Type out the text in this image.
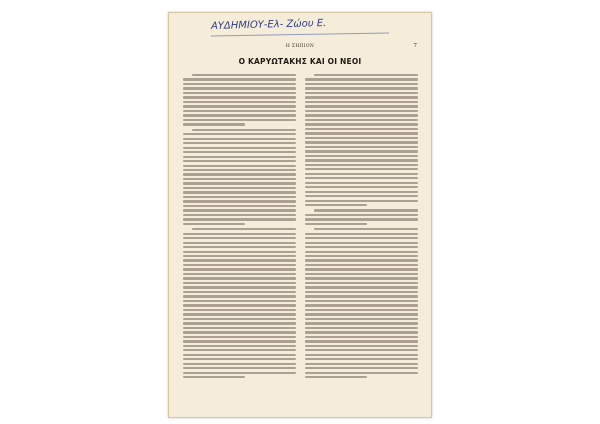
ΑΥΔΗΜΙΟΥ-Ελ- Ζώου Ε.
Η ΣΗΠΙΟΝ	7
Ο ΚΑΡΥΩΤΑΚΗΣ ΚΑΙ ΟΙ ΝΕΟΙ
